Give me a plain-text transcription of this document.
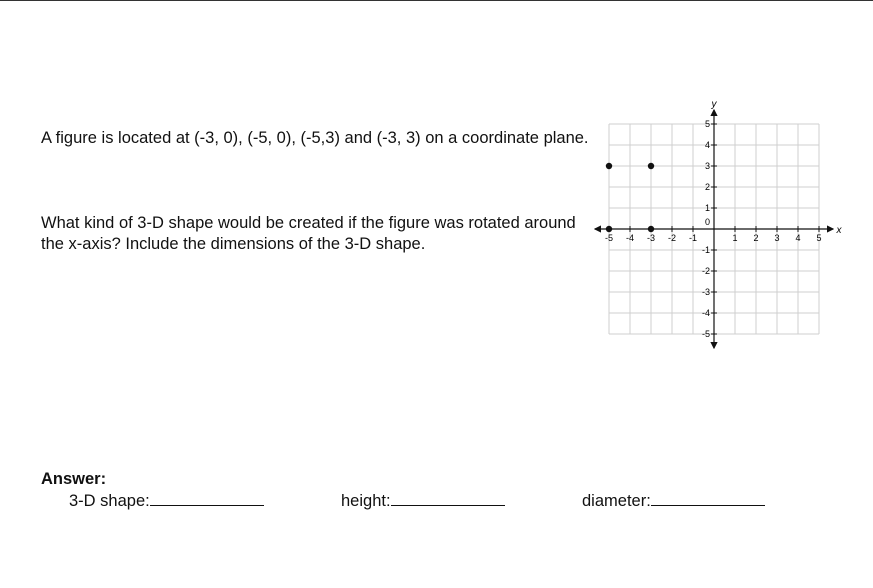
A figure is located at (-3, 0), (-5, 0), (-5,3) and (-3, 3) on a coordinate plane.

What kind of 3-D shape would be created if the figure was rotated around the x-axis? Include the dimensions of the 3-D shape.

x
y
-5 -4 -3 -2 -1	1 2 3 4 5
5
4
3
2
1
-1
-2
-3
-4
-5
0

Answer:

3-D shape:	height:	diameter:
